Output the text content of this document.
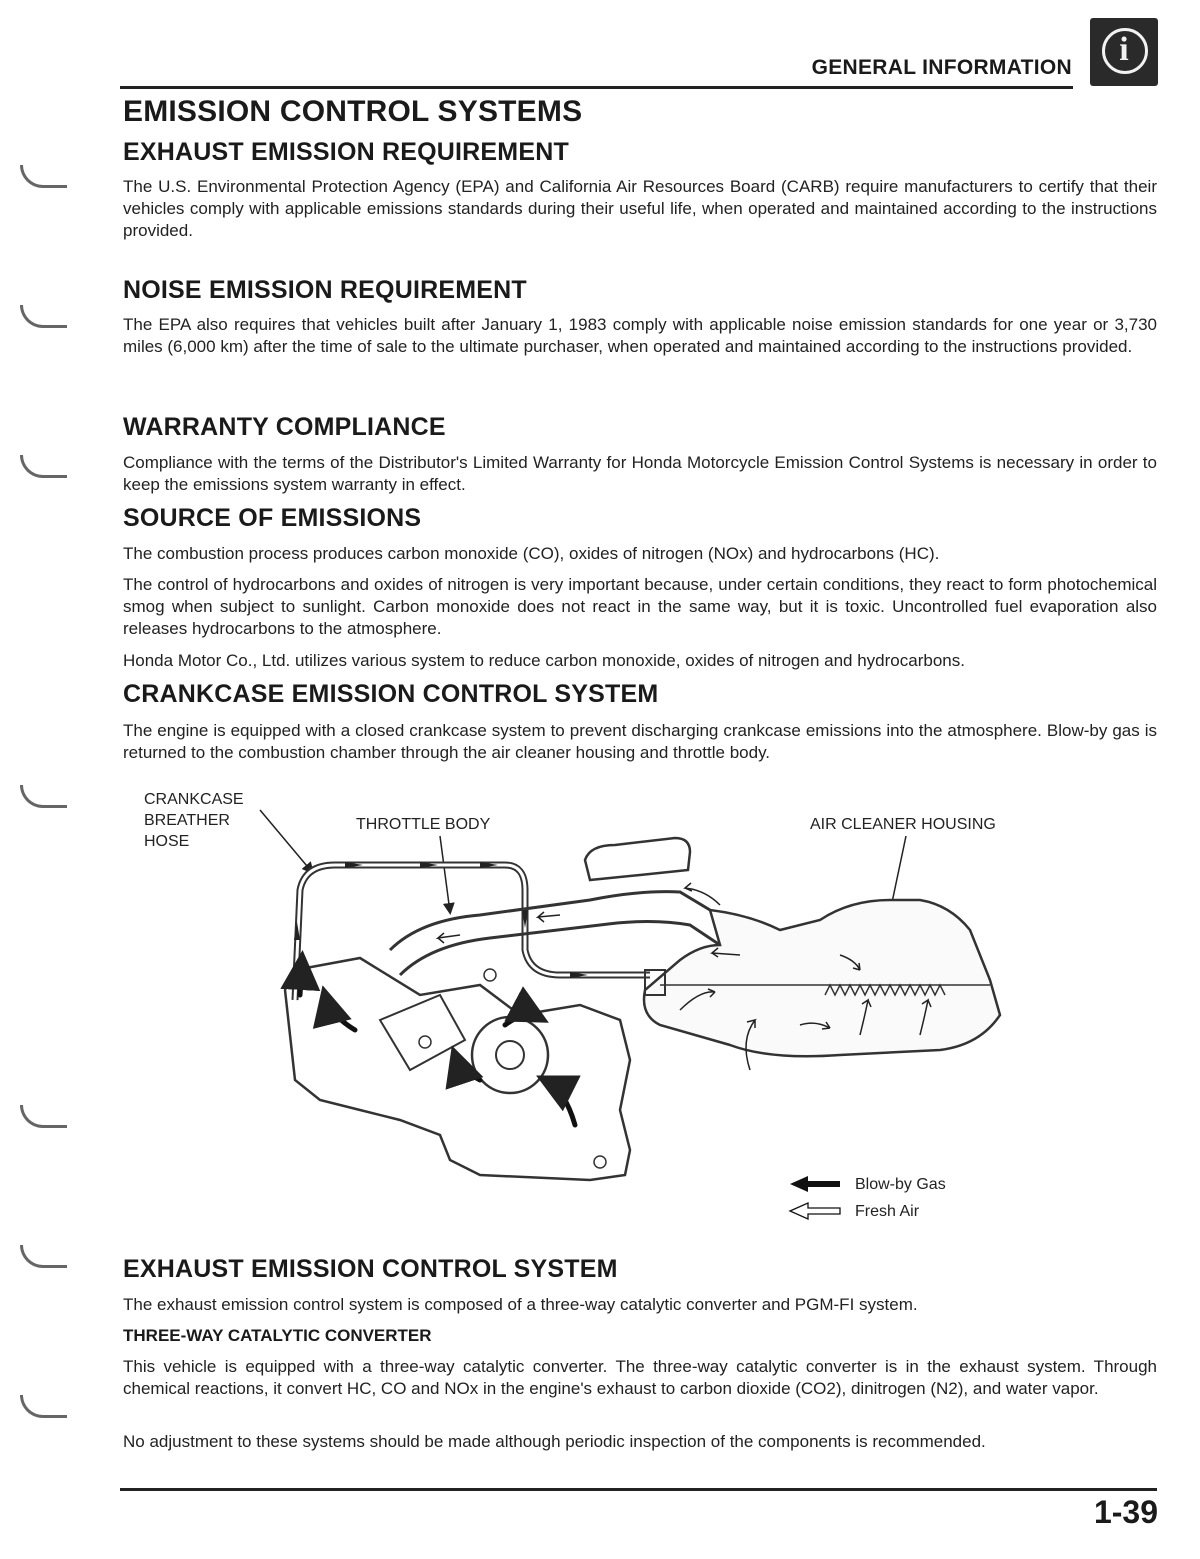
GENERAL INFORMATION	i
EMISSION CONTROL SYSTEMS
EXHAUST EMISSION REQUIREMENT
The U.S. Environmental Protection Agency (EPA) and California Air Resources Board (CARB) require manufacturers to certify that their vehicles comply with applicable emissions standards during their useful life, when operated and maintained according to the instructions provided.
NOISE EMISSION REQUIREMENT
The EPA also requires that vehicles built after January 1, 1983 comply with applicable noise emission standards for one year or 3,730 miles (6,000 km) after the time of sale to the ultimate purchaser, when operated and maintained according to the instructions provided.
WARRANTY COMPLIANCE
Compliance with the terms of the Distributor's Limited Warranty for Honda Motorcycle Emission Control Systems is necessary in order to keep the emissions system warranty in effect.
SOURCE OF EMISSIONS
The combustion process produces carbon monoxide (CO), oxides of nitrogen (NOx) and hydrocarbons (HC).
The control of hydrocarbons and oxides of nitrogen is very important because, under certain conditions, they react to form photochemical smog when subject to sunlight. Carbon monoxide does not react in the same way, but it is toxic. Uncontrolled fuel evaporation also releases hydrocarbons to the atmosphere.
Honda Motor Co., Ltd. utilizes various system to reduce carbon monoxide, oxides of nitrogen and hydrocarbons.
CRANKCASE EMISSION CONTROL SYSTEM
The engine is equipped with a closed crankcase system to prevent discharging crankcase emissions into the atmosphere. Blow-by gas is returned to the combustion chamber through the air cleaner housing and throttle body.
CRANKCASE
BREATHER
HOSE
THROTTLE BODY	AIR CLEANER HOUSING
Blow-by Gas
Fresh Air
EXHAUST EMISSION CONTROL SYSTEM
The exhaust emission control system is composed of a three-way catalytic converter and PGM-FI system.
THREE-WAY CATALYTIC CONVERTER
This vehicle is equipped with a three-way catalytic converter. The three-way catalytic converter is in the exhaust system. Through chemical reactions, it convert HC, CO and NOx in the engine's exhaust to carbon dioxide (CO2), dinitrogen (N2), and water vapor.
No adjustment to these systems should be made although periodic inspection of the components is recommended.
1-39
